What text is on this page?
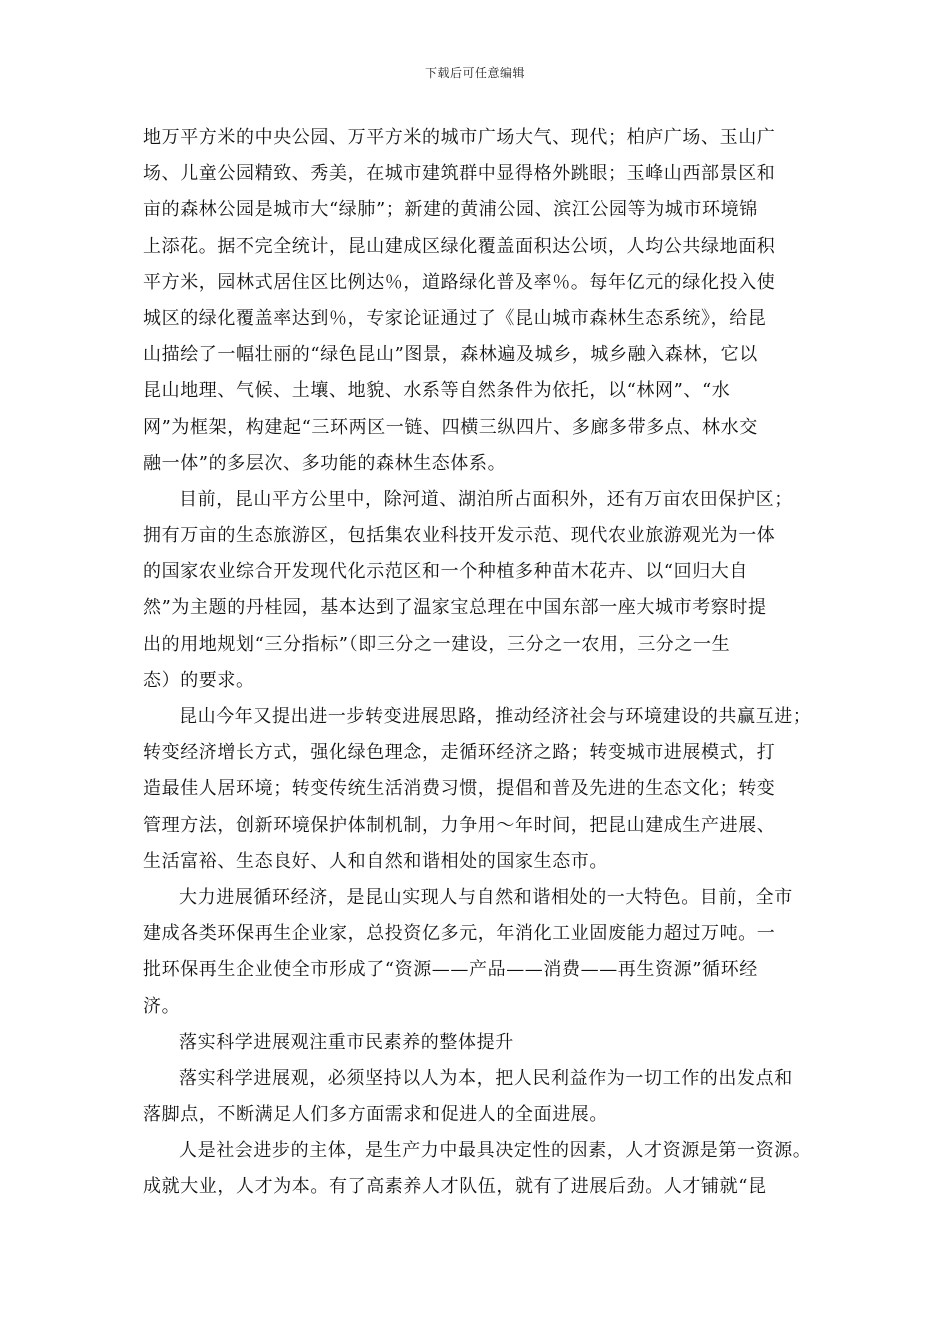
下载后可任意编辑
地万平方米的中央公园、万平方米的城市广场大气、现代；柏庐广场、玉山广
场、儿童公园精致、秀美，在城市建筑群中显得格外跳眼；玉峰山西部景区和
亩的森林公园是城市大“绿肺”；新建的黄浦公园、滨江公园等为城市环境锦
上添花。据不完全统计，昆山建成区绿化覆盖面积达公顷，人均公共绿地面积
平方米，园林式居住区比例达％，道路绿化普及率％。每年亿元的绿化投入使
城区的绿化覆盖率达到％，专家论证通过了《昆山城市森林生态系统》，给昆
山描绘了一幅壮丽的“绿色昆山”图景，森林遍及城乡，城乡融入森林，它以
昆山地理、气候、土壤、地貌、水系等自然条件为依托，以“林网”、“水
网”为框架，构建起“三环两区一链、四横三纵四片、多廊多带多点、林水交
融一体”的多层次、多功能的森林生态体系。
目前，昆山平方公里中，除河道、湖泊所占面积外，还有万亩农田保护区；
拥有万亩的生态旅游区，包括集农业科技开发示范、现代农业旅游观光为一体
的国家农业综合开发现代化示范区和一个种植多种苗木花卉、以“回归大自
然”为主题的丹桂园，基本达到了温家宝总理在中国东部一座大城市考察时提
出的用地规划“三分指标”（即三分之一建设，三分之一农用，三分之一生
态）的要求。
昆山今年又提出进一步转变进展思路，推动经济社会与环境建设的共赢互进；
转变经济增长方式，强化绿色理念，走循环经济之路；转变城市进展模式，打
造最佳人居环境；转变传统生活消费习惯，提倡和普及先进的生态文化；转变
管理方法，创新环境保护体制机制，力争用～年时间，把昆山建成生产进展、
生活富裕、生态良好、人和自然和谐相处的国家生态市。
大力进展循环经济，是昆山实现人与自然和谐相处的一大特色。目前，全市
建成各类环保再生企业家，总投资亿多元，年消化工业固废能力超过万吨。一
批环保再生企业使全市形成了“资源——产品——消费——再生资源”循环经
济。
落实科学进展观注重市民素养的整体提升
落实科学进展观，必须坚持以人为本，把人民利益作为一切工作的出发点和
落脚点，不断满足人们多方面需求和促进人的全面进展。
人是社会进步的主体，是生产力中最具决定性的因素，人才资源是第一资源。
成就大业，人才为本。有了高素养人才队伍，就有了进展后劲。人才铺就“昆
